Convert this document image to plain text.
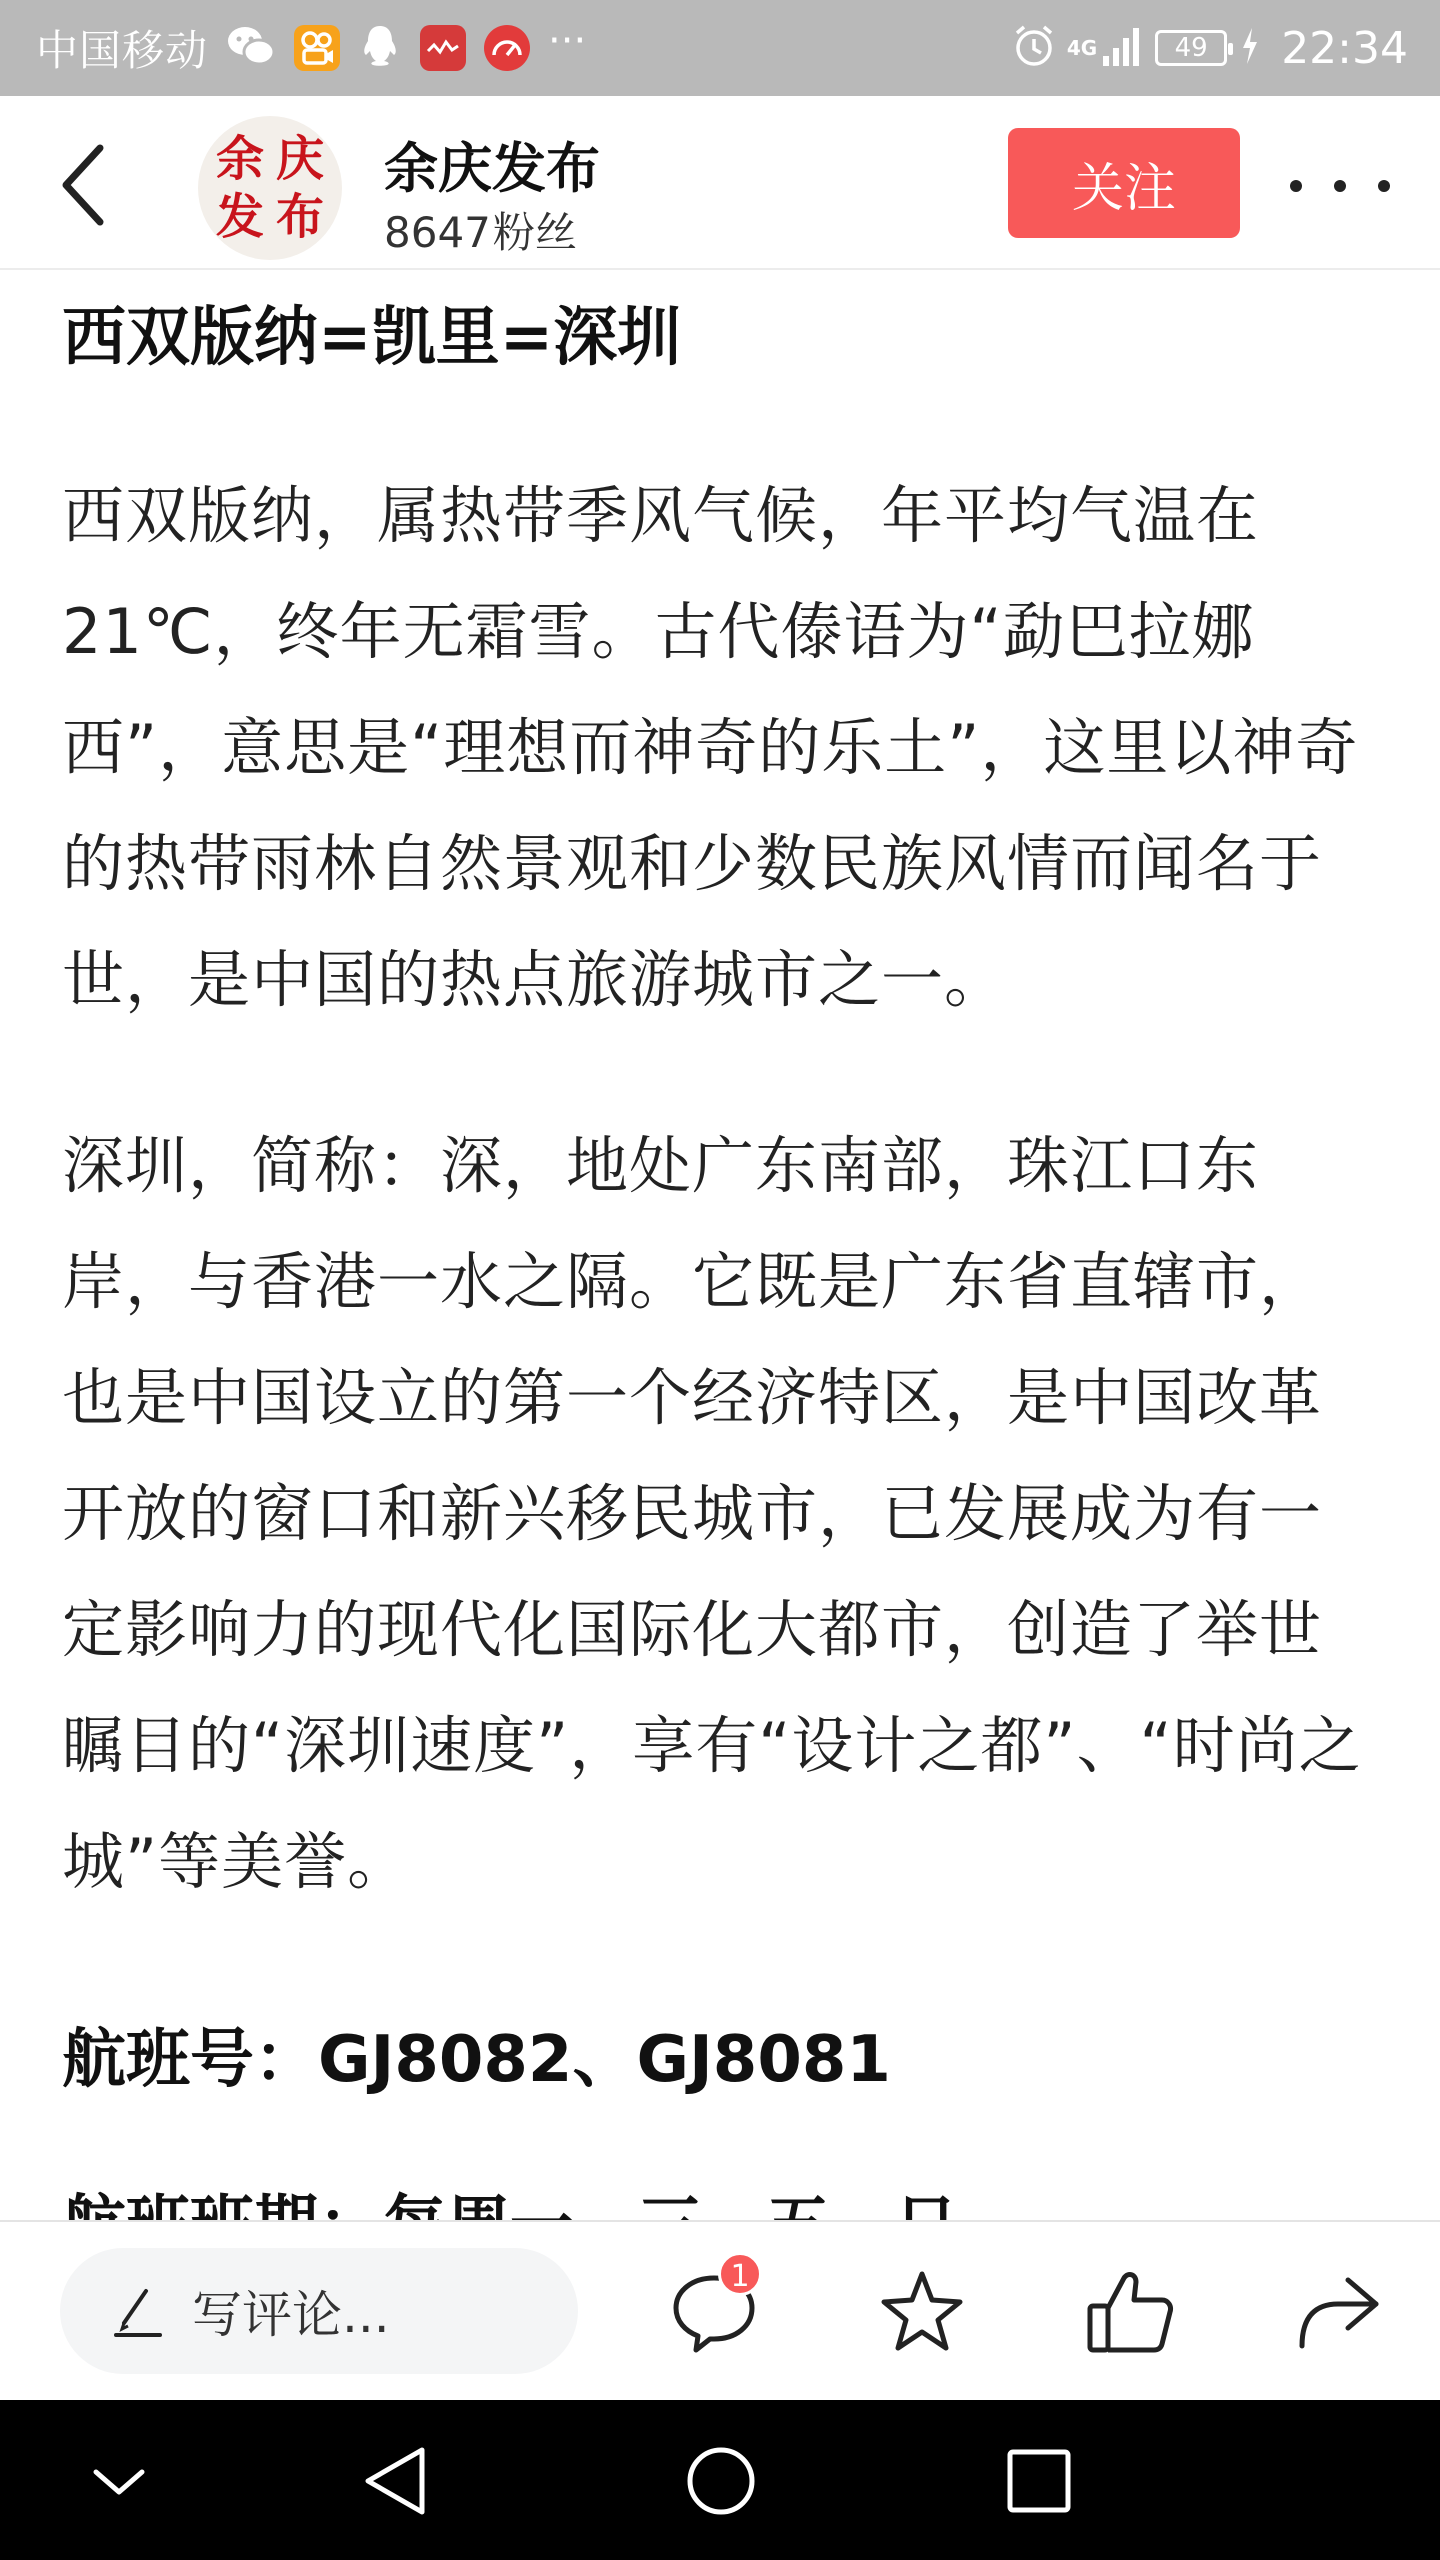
中国移动	···	4G	49	22:34
余 庆
发 布
余庆发布
8647粉丝
关注
西双版纳=凯里=深圳

西双版纳，属热带季风气候，年平均气温在21℃，终年无霜雪。古代傣语为“勐巴拉娜西”，意思是“理想而神奇的乐土”，这里以神奇的热带雨林自然景观和少数民族风情而闻名于世，是中国的热点旅游城市之一。

深圳，简称：深，地处广东南部，珠江口东岸，与香港一水之隔。它既是广东省直辖市，也是中国设立的第一个经济特区，是中国改革开放的窗口和新兴移民城市，已发展成为有一定影响力的现代化国际化大都市，创造了举世瞩目的“深圳速度”，享有“设计之都”、“时尚之城”等美誉。

航班号：GJ8082、GJ8081
写评论...
1
